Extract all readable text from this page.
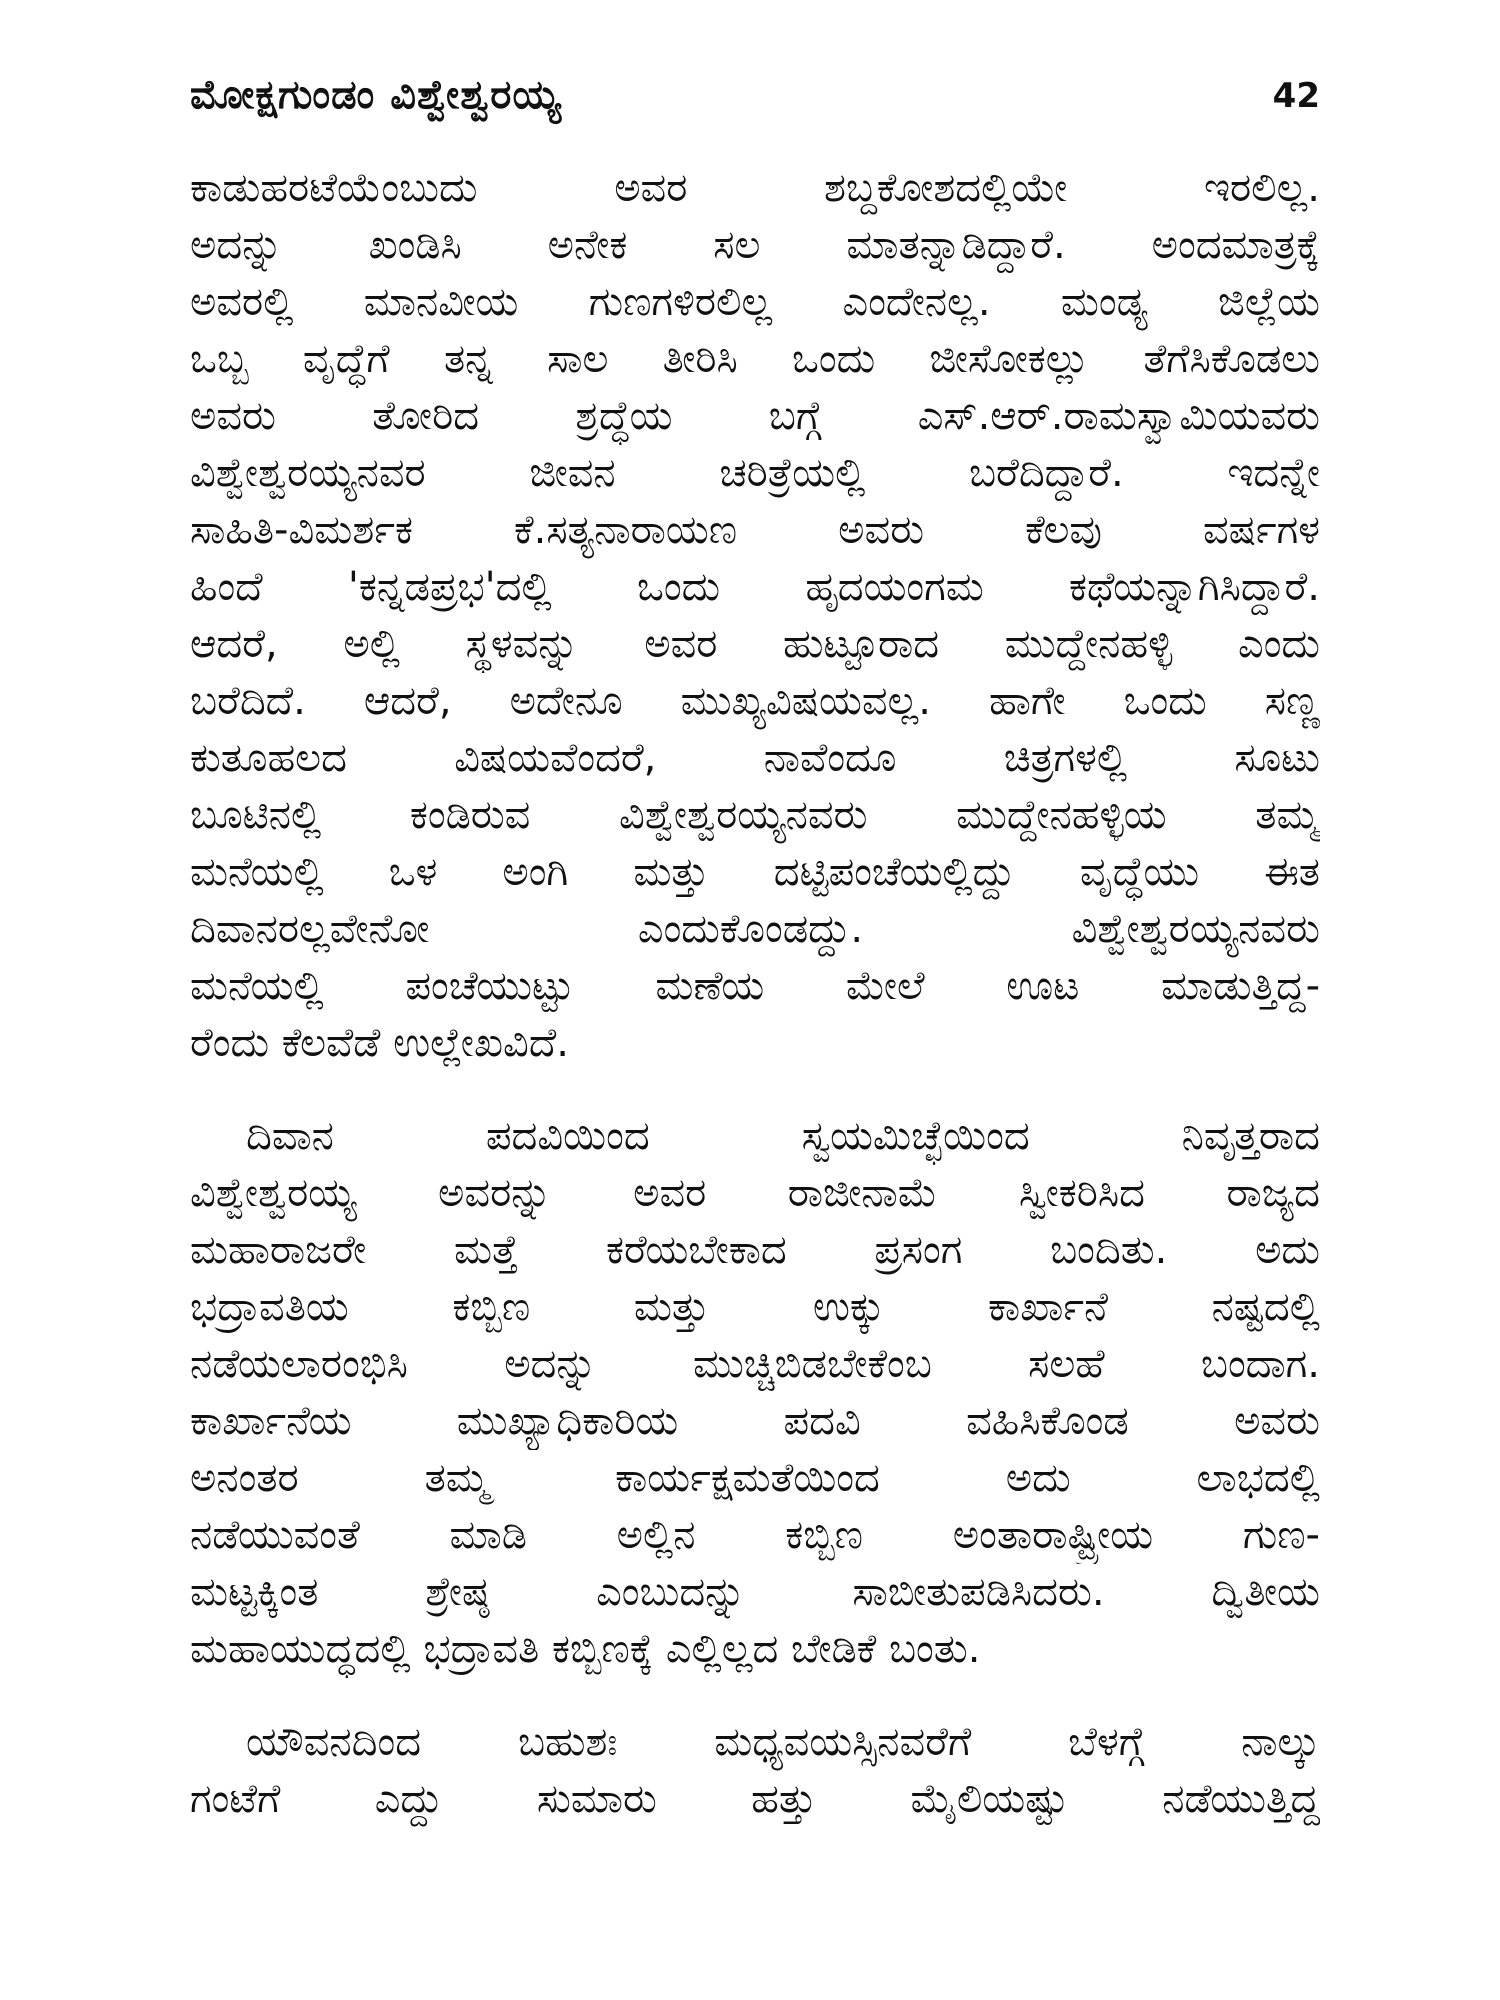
ಮೋಕ್ಷಗುಂಡಂ ವಿಶ್ವೇಶ್ವರಯ್ಯ	42
ಕಾಡುಹರಟೆಯೆಂಬುದು ಅವರ ಶಬ್ದಕೋಶದಲ್ಲಿಯೇ ಇರಲಿಲ್ಲ.
ಅದನ್ನು ಖಂಡಿಸಿ ಅನೇಕ ಸಲ ಮಾತನ್ನಾಡಿದ್ದಾರೆ. ಅಂದಮಾತ್ರಕ್ಕೆ
ಅವರಲ್ಲಿ ಮಾನವೀಯ ಗುಣಗಳಿರಲಿಲ್ಲ ಎಂದೇನಲ್ಲ. ಮಂಡ್ಯ ಜಿಲ್ಲೆಯ
ಒಬ್ಬ ವೃದ್ಧೆಗೆ ತನ್ನ ಸಾಲ ತೀರಿಸಿ ಒಂದು ಜೀಸೋಕಲ್ಲು ತೆಗೆಸಿಕೊಡಲು
ಅವರು ತೋರಿದ ಶ್ರದ್ಧೆಯ ಬಗ್ಗೆ ಎಸ್.ಆರ್.ರಾಮಸ್ವಾಮಿಯವರು
ವಿಶ್ವೇಶ್ವರಯ್ಯನವರ ಜೀವನ ಚರಿತ್ರೆಯಲ್ಲಿ ಬರೆದಿದ್ದಾರೆ. ಇದನ್ನೇ
ಸಾಹಿತಿ-ವಿಮರ್ಶಕ ಕೆ.ಸತ್ಯನಾರಾಯಣ ಅವರು ಕೆಲವು ವರ್ಷಗಳ
ಹಿಂದೆ 'ಕನ್ನಡಪ್ರಭ'ದಲ್ಲಿ ಒಂದು ಹೃದಯಂಗಮ ಕಥೆಯನ್ನಾಗಿಸಿದ್ದಾರೆ.
ಆದರೆ, ಅಲ್ಲಿ ಸ್ಥಳವನ್ನು ಅವರ ಹುಟ್ಟೂರಾದ ಮುದ್ದೇನಹಳ್ಳಿ ಎಂದು
ಬರೆದಿದೆ. ಆದರೆ, ಅದೇನೂ ಮುಖ್ಯವಿಷಯವಲ್ಲ. ಹಾಗೇ ಒಂದು ಸಣ್ಣ
ಕುತೂಹಲದ ವಿಷಯವೆಂದರೆ, ನಾವೆಂದೂ ಚಿತ್ರಗಳಲ್ಲಿ ಸೂಟು
ಬೂಟಿನಲ್ಲಿ ಕಂಡಿರುವ ವಿಶ್ವೇಶ್ವರಯ್ಯನವರು ಮುದ್ದೇನಹಳ್ಳಿಯ ತಮ್ಮ
ಮನೆಯಲ್ಲಿ ಒಳ ಅಂಗಿ ಮತ್ತು ದಟ್ಟಿಪಂಚೆಯಲ್ಲಿದ್ದು ವೃದ್ಧೆಯು ಈತ
ದಿವಾನರಲ್ಲವೇನೋ ಎಂದುಕೊಂಡದ್ದು. ವಿಶ್ವೇಶ್ವರಯ್ಯನವರು
ಮನೆಯಲ್ಲಿ ಪಂಚೆಯುಟ್ಟು ಮಣೆಯ ಮೇಲೆ ಊಟ ಮಾಡುತ್ತಿದ್ದ-
ರೆಂದು ಕೆಲವೆಡೆ ಉಲ್ಲೇಖವಿದೆ.
ದಿವಾನ ಪದವಿಯಿಂದ ಸ್ವಯಮಿಚ್ಛೆಯಿಂದ ನಿವೃತ್ತರಾದ
ವಿಶ್ವೇಶ್ವರಯ್ಯ ಅವರನ್ನು ಅವರ ರಾಜೀನಾಮೆ ಸ್ವೀಕರಿಸಿದ ರಾಜ್ಯದ
ಮಹಾರಾಜರೇ ಮತ್ತೆ ಕರೆಯಬೇಕಾದ ಪ್ರಸಂಗ ಬಂದಿತು. ಅದು
ಭದ್ರಾವತಿಯ ಕಬ್ಬಿಣ ಮತ್ತು ಉಕ್ಕು ಕಾರ್ಖಾನೆ ನಷ್ಟದಲ್ಲಿ
ನಡೆಯಲಾರಂಭಿಸಿ ಅದನ್ನು ಮುಚ್ಚಿಬಿಡಬೇಕೆಂಬ ಸಲಹೆ ಬಂದಾಗ.
ಕಾರ್ಖಾನೆಯ ಮುಖ್ಯಾಧಿಕಾರಿಯ ಪದವಿ ವಹಿಸಿಕೊಂಡ ಅವರು
ಅನಂತರ ತಮ್ಮ ಕಾರ್ಯಕ್ಷಮತೆಯಿಂದ ಅದು ಲಾಭದಲ್ಲಿ
ನಡೆಯುವಂತೆ ಮಾಡಿ ಅಲ್ಲಿನ ಕಬ್ಬಿಣ ಅಂತಾರಾಷ್ಟ್ರೀಯ ಗುಣ-
ಮಟ್ಟಕ್ಕಿಂತ ಶ್ರೇಷ್ಠ ಎಂಬುದನ್ನು ಸಾಬೀತುಪಡಿಸಿದರು. ದ್ವಿತೀಯ
ಮಹಾಯುದ್ಧದಲ್ಲಿ ಭದ್ರಾವತಿ ಕಬ್ಬಿಣಕ್ಕೆ ಎಲ್ಲಿಲ್ಲದ ಬೇಡಿಕೆ ಬಂತು.
ಯೌವನದಿಂದ ಬಹುಶಃ ಮಧ್ಯವಯಸ್ಸಿನವರೆಗೆ ಬೆಳಗ್ಗೆ ನಾಲ್ಕು
ಗಂಟೆಗೆ ಎದ್ದು ಸುಮಾರು ಹತ್ತು ಮೈಲಿಯಷ್ಟು ನಡೆಯುತ್ತಿದ್ದ
